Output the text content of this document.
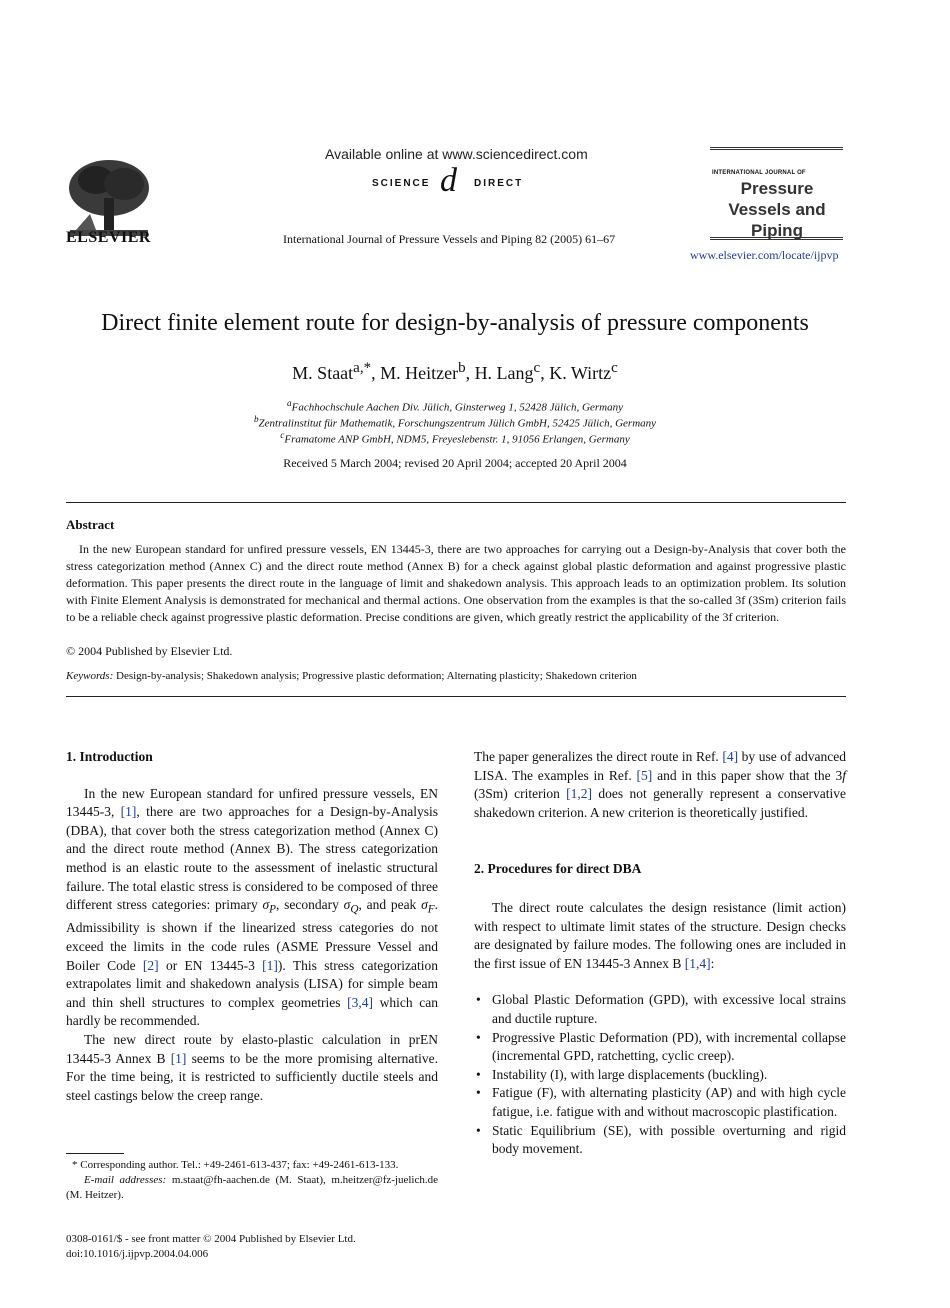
ELSEVIER
Available online at www.sciencedirect.com
SCIENCE d DIRECT
International Journal of Pressure Vessels and Piping 82 (2005) 61–67
INTERNATIONAL JOURNAL OF
Pressure Vessels and Piping
www.elsevier.com/locate/ijpvp
Direct finite element route for design-by-analysis of pressure components
M. Staat$^{a,*}$, M. Heitzer$^b$, H. Lang$^c$, K. Wirtz$^c$
$^a$Fachhochschule Aachen Div. Jülich, Ginsterweg 1, 52428 Jülich, Germany
$^b$Zentralinstitut für Mathematik, Forschungszentrum Jülich GmbH, 52425 Jülich, Germany
$^c$Framatome ANP GmbH, NDM5, Freyeslebenstr. 1, 91056 Erlangen, Germany
Received 5 March 2004; revised 20 April 2004; accepted 20 April 2004
Abstract
In the new European standard for unfired pressure vessels, EN 13445-3, there are two approaches for carrying out a Design-by-Analysis that cover both the stress categorization method (Annex C) and the direct route method (Annex B) for a check against global plastic deformation and against progressive plastic deformation. This paper presents the direct route in the language of limit and shakedown analysis. This approach leads to an optimization problem. Its solution with Finite Element Analysis is demonstrated for mechanical and thermal actions. One observation from the examples is that the so-called 3f (3Sm) criterion fails to be a reliable check against progressive plastic deformation. Precise conditions are given, which greatly restrict the applicability of the 3f criterion.
© 2004 Published by Elsevier Ltd.
Keywords: Design-by-analysis; Shakedown analysis; Progressive plastic deformation; Alternating plasticity; Shakedown criterion
1. Introduction

In the new European standard for unfired pressure vessels, EN 13445-3, [1], there are two approaches for a Design-by-Analysis (DBA), that cover both the stress categorization method (Annex C) and the direct route method (Annex B). The stress categorization method is an elastic route to the assessment of inelastic structural failure. The total elastic stress is considered to be composed of three different stress categories: primary $\sigma_P$, secondary $\sigma_Q$, and peak $\sigma_F$. Admissibility is shown if the linearized stress categories do not exceed the limits in the code rules (ASME Pressure Vessel and Boiler Code [2] or EN 13445-3 [1]). This stress categorization extrapolates limit and shakedown analysis (LISA) for simple beam and thin shell structures to complex geometries [3,4] which can hardly be recommended.

The new direct route by elasto-plastic calculation in prEN 13445-3 Annex B [1] seems to be the more promising alternative. For the time being, it is restricted to sufficiently ductile steels and steel castings below the creep range.

* Corresponding author. Tel.: +49-2461-613-437; fax: +49-2461-613-133.
E-mail addresses: m.staat@fh-aachen.de (M. Staat), m.heitzer@fz-juelich.de (M. Heitzer).
0308-0161/$ - see front matter © 2004 Published by Elsevier Ltd.
doi:10.1016/j.ijpvp.2004.04.006

The paper generalizes the direct route in Ref. [4] by use of advanced LISA. The examples in Ref. [5] and in this paper show that the 3f (3Sm) criterion [1,2] does not generally represent a conservative shakedown criterion. A new criterion is theoretically justified.

2. Procedures for direct DBA

The direct route calculates the design resistance (limit action) with respect to ultimate limit states of the structure. Design checks are designated by failure modes. The following ones are included in the first issue of EN 13445-3 Annex B [1,4]:

• Global Plastic Deformation (GPD), with excessive local strains and ductile rupture.
• Progressive Plastic Deformation (PD), with incremental collapse (incremental GPD, ratchetting, cyclic creep).
• Instability (I), with large displacements (buckling).
• Fatigue (F), with alternating plasticity (AP) and with high cycle fatigue, i.e. fatigue with and without macroscopic plastification.
• Static Equilibrium (SE), with possible overturning and rigid body movement.
